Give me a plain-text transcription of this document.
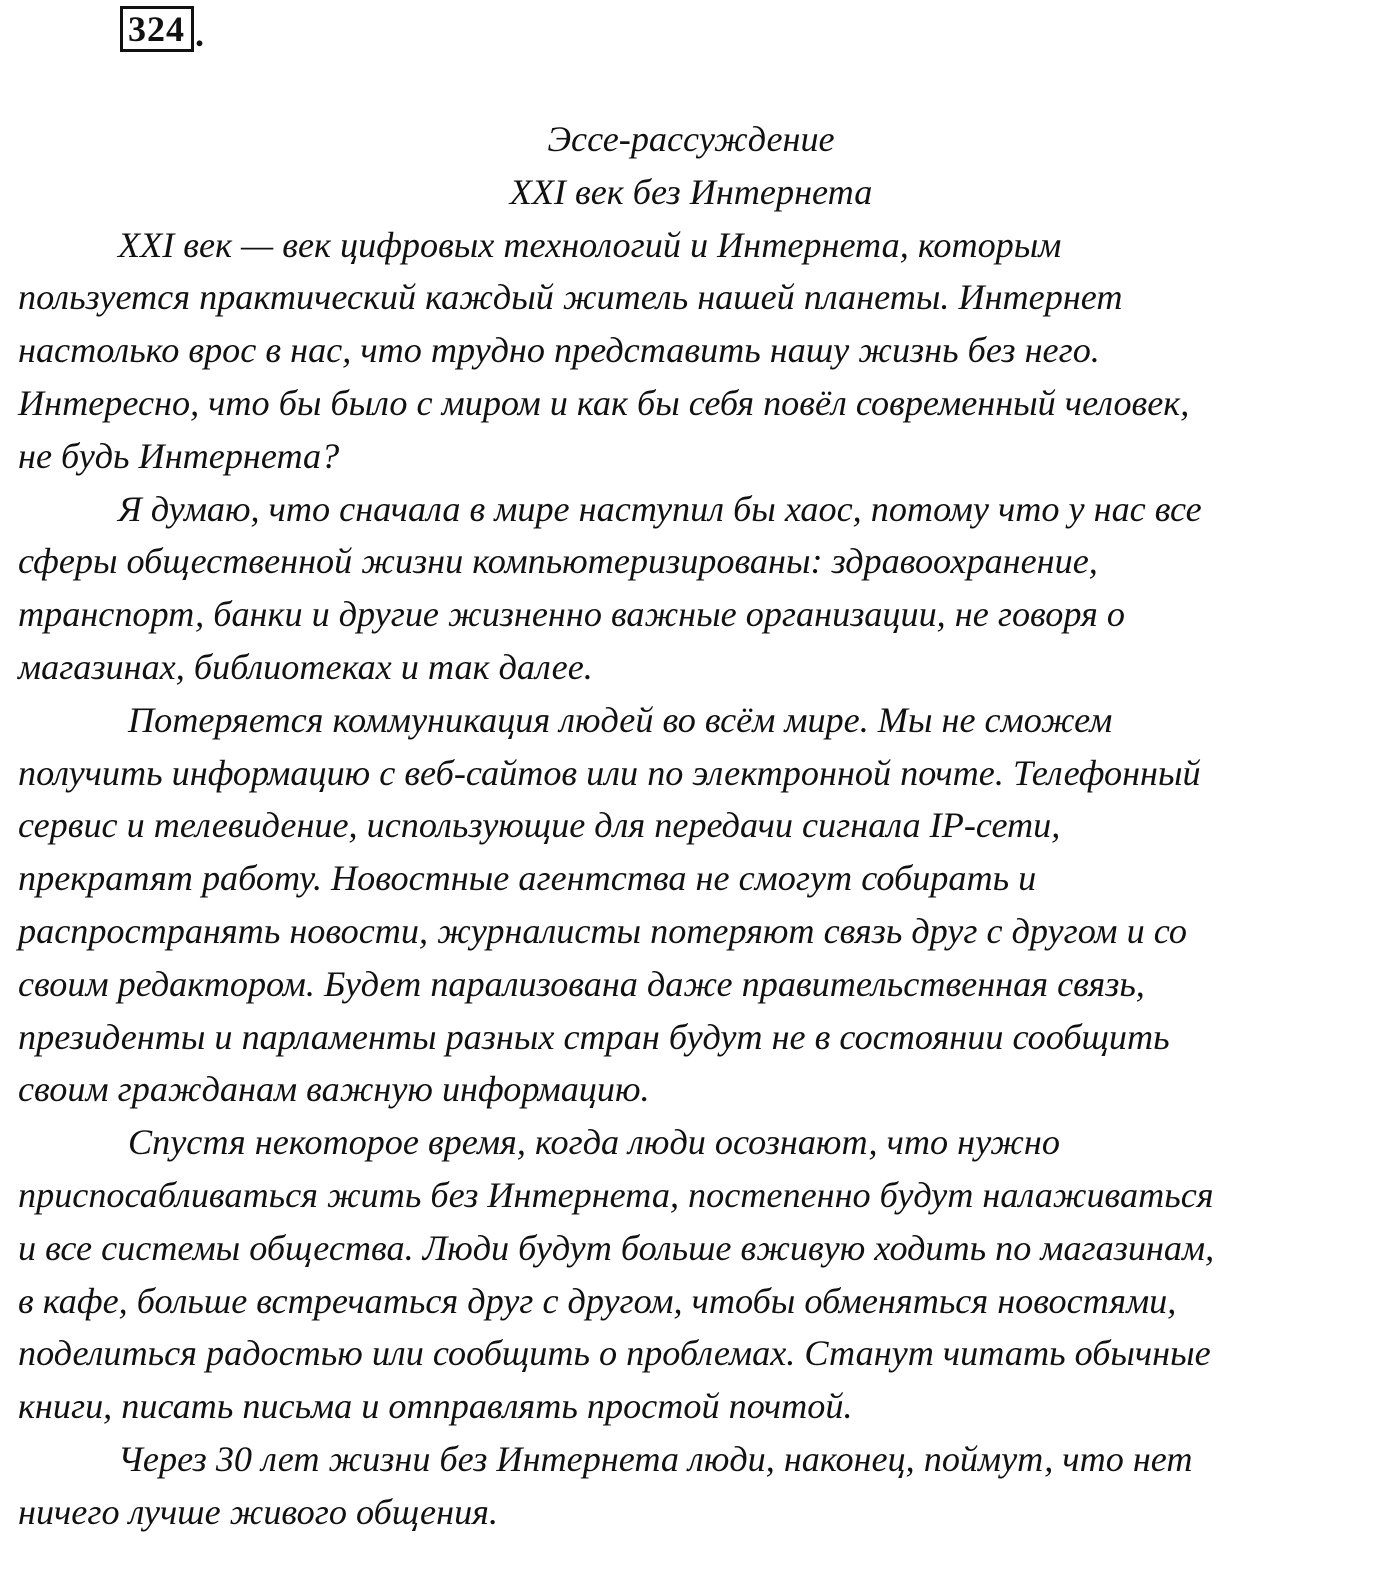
324 .

Эссе-рассуждение

XXI век без Интернета

XXI век — век цифровых технологий и Интернета, которым
пользуется практический каждый житель нашей планеты. Интернет
настолько врос в нас, что трудно представить нашу жизнь без него.
Интересно, что бы было с миром и как бы себя повёл современный человек,
не будь Интернета?

Я думаю, что сначала в мире наступил бы хаос, потому что у нас все
сферы общественной жизни компьютеризированы: здравоохранение,
транспорт, банки и другие жизненно важные организации, не говоря о
магазинах, библиотеках и так далее.

Потеряется коммуникация людей во всём мире. Мы не сможем
получить информацию с веб-сайтов или по электронной почте. Телефонный
сервис и телевидение, использующие для передачи сигнала IP-сети,
прекратят работу. Новостные агентства не смогут собирать и
распространять новости, журналисты потеряют связь друг с другом и со
своим редактором. Будет парализована даже правительственная связь,
президенты и парламенты разных стран будут не в состоянии сообщить
своим гражданам важную информацию.

Спустя некоторое время, когда люди осознают, что нужно
приспосабливаться жить без Интернета, постепенно будут налаживаться
и все системы общества. Люди будут больше вживую ходить по магазинам,
в кафе, больше встречаться друг с другом, чтобы обменяться новостями,
поделиться радостью или сообщить о проблемах. Станут читать обычные
книги, писать письма и отправлять простой почтой.

Через 30 лет жизни без Интернета люди, наконец, поймут, что нет
ничего лучше живого общения.
